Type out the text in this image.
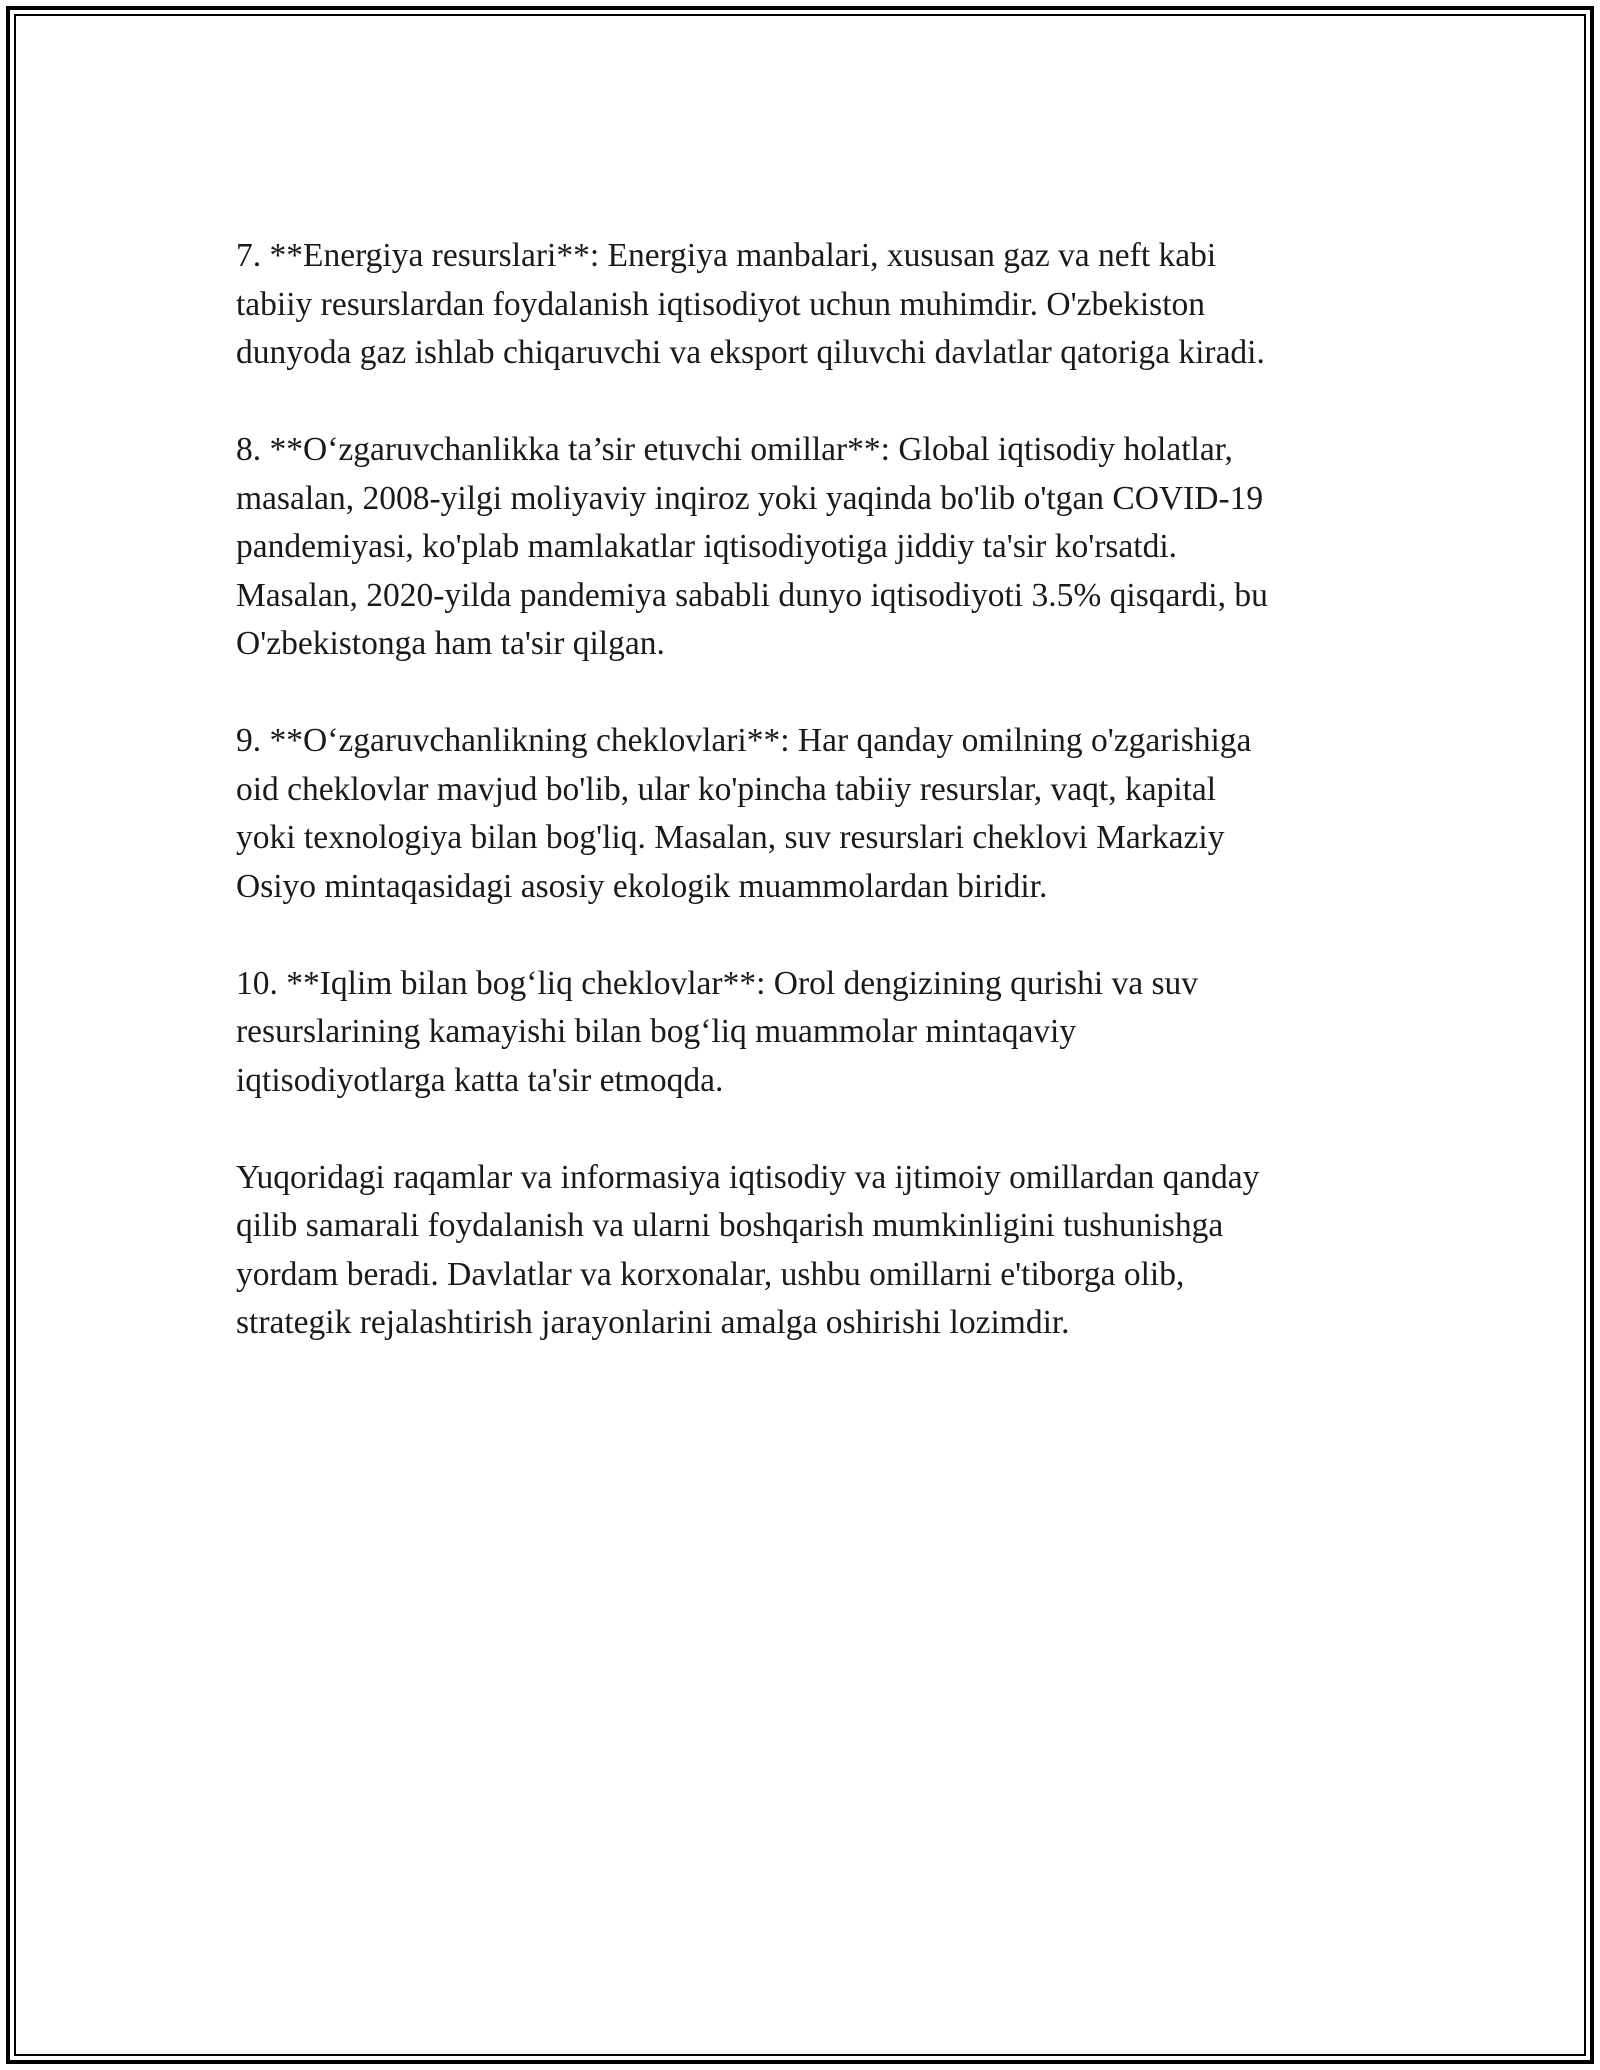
7. **Energiya resurslari**: Energiya manbalari, xususan gaz va neft kabi
tabiiy resurslardan foydalanish iqtisodiyot uchun muhimdir. O'zbekiston
dunyoda gaz ishlab chiqaruvchi va eksport qiluvchi davlatlar qatoriga kiradi.

8. **O‘zgaruvchanlikka ta’sir etuvchi omillar**: Global iqtisodiy holatlar,
masalan, 2008-yilgi moliyaviy inqiroz yoki yaqinda bo'lib o'tgan COVID-19
pandemiyasi, ko'plab mamlakatlar iqtisodiyotiga jiddiy ta'sir ko'rsatdi.
Masalan, 2020-yilda pandemiya sababli dunyo iqtisodiyoti 3.5% qisqardi, bu
O'zbekistonga ham ta'sir qilgan.

9. **O‘zgaruvchanlikning cheklovlari**: Har qanday omilning o'zgarishiga
oid cheklovlar mavjud bo'lib, ular ko'pincha tabiiy resurslar, vaqt, kapital
yoki texnologiya bilan bog'liq. Masalan, suv resurslari cheklovi Markaziy
Osiyo mintaqasidagi asosiy ekologik muammolardan biridir.

10. **Iqlim bilan bog‘liq cheklovlar**: Orol dengizining qurishi va suv
resurslarining kamayishi bilan bog‘liq muammolar mintaqaviy
iqtisodiyotlarga katta ta'sir etmoqda.

Yuqoridagi raqamlar va informasiya iqtisodiy va ijtimoiy omillardan qanday
qilib samarali foydalanish va ularni boshqarish mumkinligini tushunishga
yordam beradi. Davlatlar va korxonalar, ushbu omillarni e'tiborga olib,
strategik rejalashtirish jarayonlarini amalga oshirishi lozimdir.
